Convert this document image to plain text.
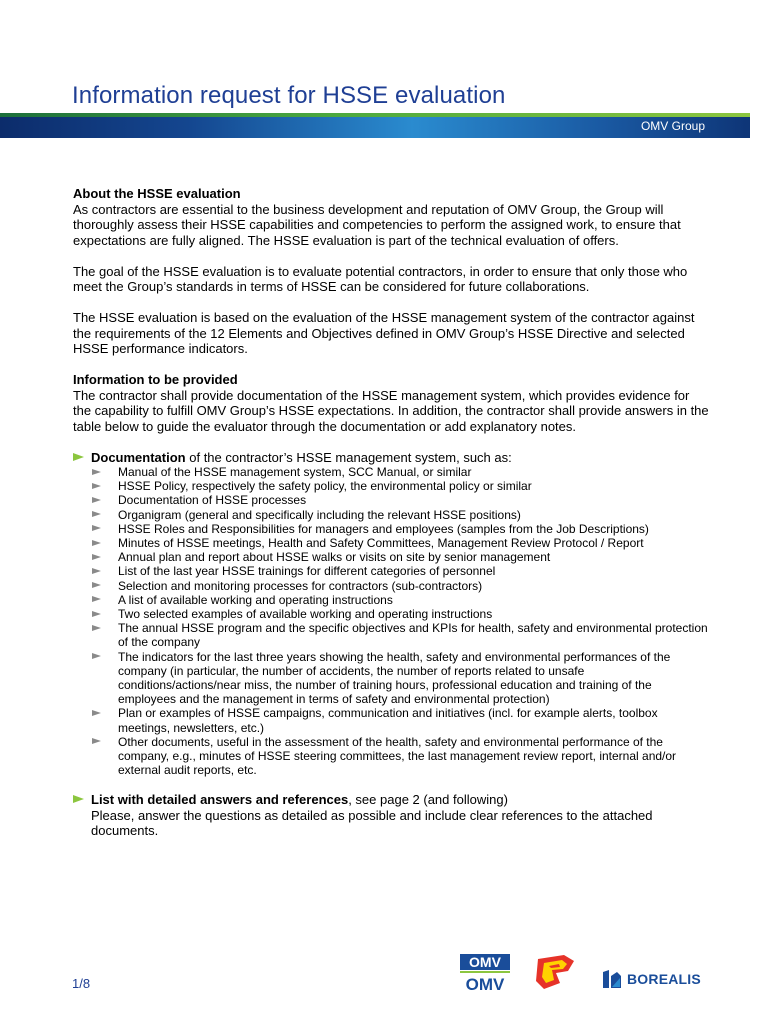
Information request for HSSE evaluation
OMV Group

About the HSSE evaluation
As contractors are essential to the business development and reputation of OMV Group, the Group will thoroughly assess their HSSE capabilities and competencies to perform the assigned work, to ensure that expectations are fully aligned. The HSSE evaluation is part of the technical evaluation of offers.

The goal of the HSSE evaluation is to evaluate potential contractors, in order to ensure that only those who meet the Group’s standards in terms of HSSE can be considered for future collaborations.

The HSSE evaluation is based on the evaluation of the HSSE management system of the contractor against the requirements of the 12 Elements and Objectives defined in OMV Group’s HSSE Directive and selected HSSE performance indicators.

Information to be provided
The contractor shall provide documentation of the HSSE management system, which provides evidence for the capability to fulfill OMV Group’s HSSE expectations. In addition, the contractor shall provide answers in the table below to guide the evaluator through the documentation or add explanatory notes.

Documentation of the contractor’s HSSE management system, such as:
Manual of the HSSE management system, SCC Manual, or similar
HSSE Policy, respectively the safety policy, the environmental policy or similar
Documentation of HSSE processes
Organigram (general and specifically including the relevant HSSE positions)
HSSE Roles and Responsibilities for managers and employees (samples from the Job Descriptions)
Minutes of HSSE meetings, Health and Safety Committees, Management Review Protocol / Report
Annual plan and report about HSSE walks or visits on site by senior management
List of the last year HSSE trainings for different categories of personnel
Selection and monitoring processes for contractors (sub-contractors)
A list of available working and operating instructions
Two selected examples of available working and operating instructions
The annual HSSE program and the specific objectives and KPIs for health, safety and environmental protection of the company
The indicators for the last three years showing the health, safety and environmental performances of the company (in particular, the number of accidents, the number of reports related to unsafe conditions/actions/near miss, the number of training hours, professional education and training of the employees and the management in terms of safety and environmental protection)
Plan or examples of HSSE campaigns, communication and initiatives (incl. for example alerts, toolbox meetings, newsletters, etc.)
Other documents, useful in the assessment of the health, safety and environmental performance of the company, e.g., minutes of HSSE steering committees, the last management review report, internal and/or external audit reports, etc.
List with detailed answers and references, see page 2 (and following)
Please, answer the questions as detailed as possible and include clear references to the attached documents.
1/8
OMV
OMV	BOREALIS
